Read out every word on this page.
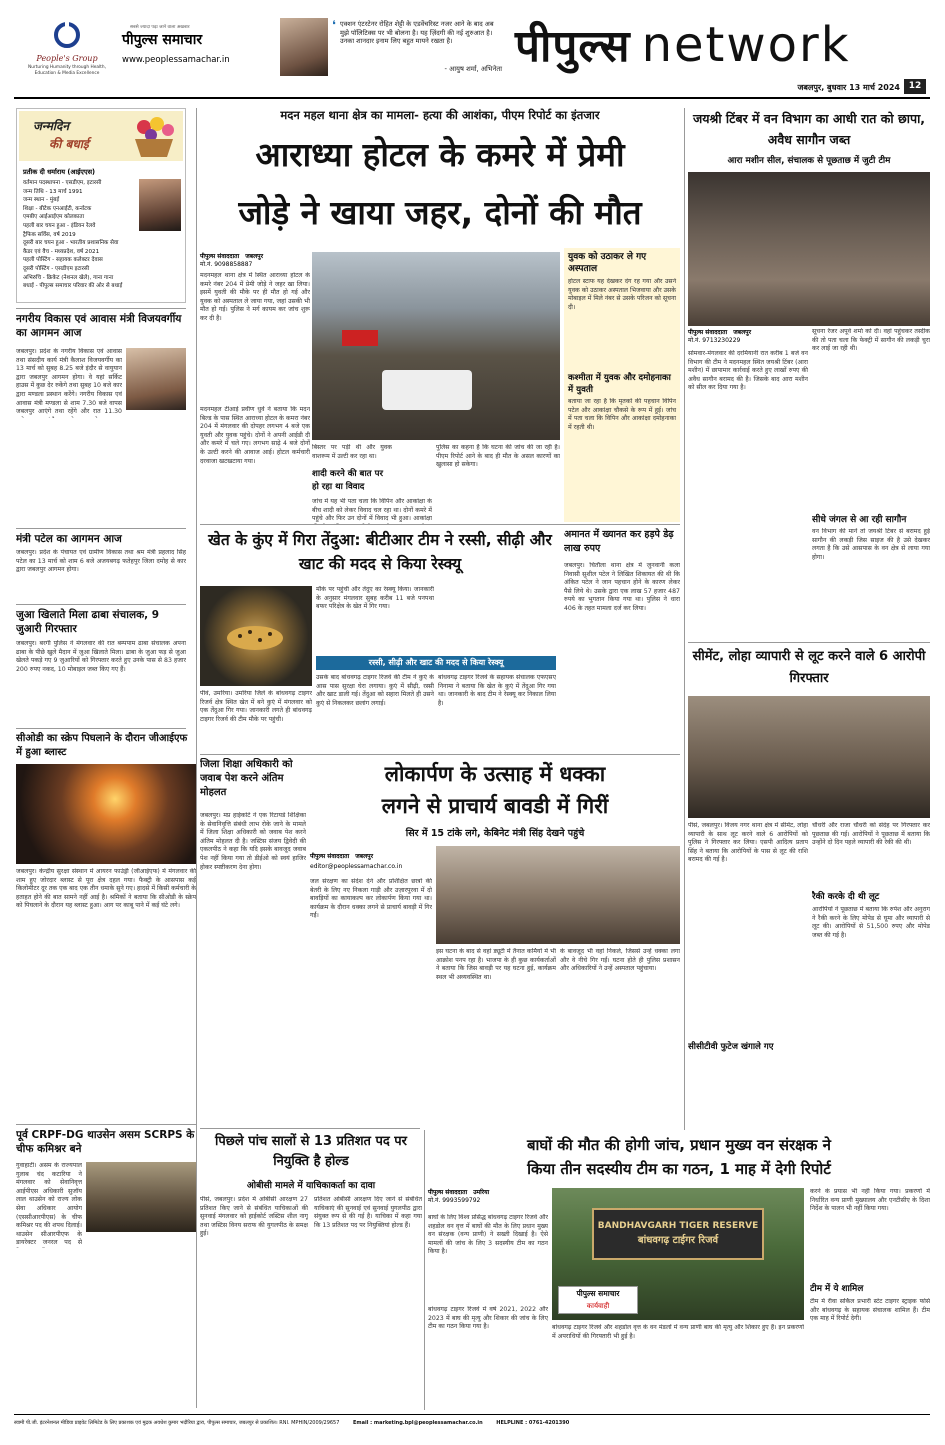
People's Group
Nurturing Humanity through Health, Education & Media Excellence
सबसे ज्यादा पढ़ा जाने वाला अखबार
पीपुल्स समाचार
www.peoplessamachar.in
❛ एक्शन एंटरटेनर रोहित शेट्टी के एडवेंचरिस्ट नजर आने के बाद अब मुझे पॉलिटिक्स पर भी बोलना है। यह ज़िंदगी की नई शुरुआत है। उनका शानदार इनाम लिए बहुत मायने रखता है।
- आयुष शर्मा, अभिनेता पीपुल्स network
जबलपुर, बुधवार 13 मार्च 2024 12
जन्मदिन
की बधाई
प्रतीक दी धर्माराय (आईएएस)
वर्तमान पदस्थापना - एसडीएम, इटारसी
जन्म तिथि - 13 मार्च 1991
जन्म स्थान - मुंबई
शिक्षा - बीटेक एनआईटी, कर्नाटक
एमबीए आईआईएम कोलकाता
पहली बार चयन हुआ - इंडियन रेलवे
ट्रैफिक सर्विस, वर्ष 2019
दूसरी बार चयन हुआ - भारतीय प्रशासनिक सेवा
कैडर एवं वैच - मध्यप्रदेश, वर्ष 2021
पहली पोस्टिंग - सहायक कलेक्टर देवास
दूसरी पोस्टिंग - एसडीएम इटारसी
अभिरुचि - क्रिकेट (नेशनल खेले), गाना गाना
बधाई - पीपुल्स समाचार परिवार की ओर से बधाई
नगरीय विकास एवं आवास मंत्री विजयवर्गीय का आगमन आज
जबलपुर। प्रदेश के नगरीय विकास एवं आवास तथा संसदीय कार्य मंत्री कैलाश विजयवर्गीय का 13 मार्च को सुबह 8.25 बजे इंदौर से वायुयान द्वारा जबलपुर आगमन होगा। वे यहां सर्किट हाउस में कुछ देर रुकेंगे तथा सुबह 10 बजे कार द्वारा मण्डला प्रस्थान करेंगे। नगरीय विकास एवं आवास मंत्री मण्डला से शाम 7.30 बजे वापस जबलपुर आएंगे तथा रहेंगे और रात 11.30
मंत्री पटेल का आगमन आज
जबलपुर। प्रदेश के पंचायत एवं ग्रामीण विकास तथा श्रम मंत्री प्रहलाद सिंह पटेल का 13 मार्च को शाम 6 बजे अजयबगढ़ फतेहपुर जिला दमोह से कार द्वारा जबलपुर आगमन होगा।
जुआ खिलाते मिला ढाबा संचालक, 9 जुआरी गिरफ्तार
जबलपुर। बरगी पुलिस ने मंगलवार की रात बम्पपाम ढाबा संचालक अपना ढाबा के पीछे खुले मैदान में जुआ खिलाते मिला। ढाबा के जुआ फड़ से जुआ खेलते पकड़े गए 9 जुआरियों को गिरफ्तार करते हुए उनके पास से 83 हजार 200 रुपए नकद, 10 मोबाइल जब्त किए गए हैं।
सीओडी का स्क्रेप पिघलाने के दौरान जीआईएफ में हुआ ब्लास्ट
जबलपुर। केन्द्रीय सुरक्षा संस्थान में आयरन फाउंड्री (जीआईएफ) में मंगलवार की शाम हुए जोरदार ब्लास्ट से पूरा क्षेत्र दहल गया। फैक्ट्री के आसपास कई किलोमीटर दूर तक एक बाद एक तीन धमाके सुने गए। हादसे में किसी कर्मचारी के हताहत होने की बात सामने नहीं आई है। श्रमिकों ने बताया कि सीओडी के स्क्रेप को पिघलाने के दौरान यह ब्लास्ट हुआ। आग पर काबू पाने में कई घंटे लगे।
पूर्व CRPF-DG थाउसेन असम SCRPS के चीफ कमिश्नर बने
गुवाहाटी। असम के राज्यपाल गुलाब चंद कटारिया ने मंगलवार को सेवानिवृत्त आईपीएस अधिकारी सुजॉय लाल थाउसेन को राज्य लोक सेवा अधिकार आयोग (एससीआरपीएस) के चीफ कमिश्नर पद की शपथ दिलाई। थाउसेन सीआरपीएफ के डायरेक्टर जनरल पद से
मदन महल थाना क्षेत्र का मामला- हत्या की आशंका, पीएम रिपोर्ट का इंतजार
आराध्या होटल के कमरे में प्रेमी
जोड़े ने खाया जहर, दोनों की मौत
पीपुल्स संवाददाता जबलपुर
मो.नं. 9098858887
मदनमहल थाना क्षेत्र में स्थित आराध्या होटल के कमरे नंबर 204 में प्रेमी जोड़े ने जहर खा लिया। इसमें युवती की मौके पर ही मौत हो गई और युवक को अस्पताल ले जाया गया, जहां उसकी भी मौत हो गई। पुलिस ने मर्ग कायम कर जांच शुरू कर दी है।
मदनमहल टीआई प्रवीण धुर्वे ने बताया कि मदन बिल्ड के पास स्थित आराध्या होटल के कमरा नंबर 204 में मंगलवार की दोपहर लगभग 4 बजे एक युवती और युवक पहुंचे। दोनों ने अपनी आईडी दी और कमरे में चले गए। लगभग साढ़े 4 बजे दोनों के उल्टी करने की आवाज आई। होटल कर्मचारी दरवाजा खटखटाया गया।
बिस्तर पर पड़ी थी और युवक वाशरूम में उल्टी कर रहा था।
शादी करने की बात पर हो रहा था विवाद
जांच में यह भी पता चला कि विपिन और आकांक्षा के बीच शादी को लेकर विवाद चल रहा था। दोनों कमरे में पहुंचे और फिर उन दोनों में विवाद भी हुआ। आकांक्षा
पुलिस का कहना है कि घटना की जांच की जा रही है। पीएम रिपोर्ट आने के बाद ही मौत के असल कारणों का खुलासा हो सकेगा।
युवक को उठाकर ले गए अस्पताल
होटल स्टाफ यह देखकर दंग रह गया और उसने युवक को उठाकर अस्पताल भिजवाया और उसके मोबाइल में मिले नंबर से उसके परिजन को सूचना दी।
कश्मीता में युवक और दमोहनाका में युवती
बताया जा रहा है कि मृतकों की पहचान विपिन पटेल और आकांक्षा चौकसे के रूप में हुई। जांच में पता चला कि विपिन और आकांक्षा दमोहनाका में रहती थी।
खेत के कुंए में गिरा तेंदुआ: बीटीआर टीम ने रस्सी, सीढ़ी और खाट की मदद से किया रेस्क्यू
मौके पर पहुंची और तेंदुए का रेस्क्यू किया। जानकारी के अनुसार मंगलवार सुबह करीब 11 बजे पनपथा बफर परिक्षेत्र के खेत में गिर गया।
पीवं, उमरिया। उमरिया जिले के बांधवगढ़ टाइगर रिजर्व क्षेत्र स्थित खेत में बने कुएं में मंगलवार को एक तेंदुआ गिर गया। जानकारी लगते ही बांधवगढ़ टाइगर रिजर्व की टीम मौके पर पहुंची।
रस्सी, सीढ़ी और खाट की मदद से किया रेस्क्यू
उसके बाद बांधवगढ़ टाइगर रिजर्व की टीम ने कुएं के आस पास सुरक्षा घेरा लगाया। कुएं में सीढ़ी, रस्सी और खाट डाली गई। तेंदुआ को सहारा मिलते ही उसने कुएं से निकलकर छलांग लगाई।
बांधवगढ़ टाइगर रिजर्व के सहायक संचालक एफएसए निनामा ने बताया कि खेत के कुएं में तेंदुआ गिर गया था। जानकारी के बाद टीम ने रेस्क्यू कर निकाल लिया है।
अमानत में ख्यानत कर हड़पे डेढ़ लाख रुपए
जबलपुर। चितौला थाना क्षेत्र में जुनवानी कला निवासी सुशील पटेल ने लिखित शिकायत की थी कि अंकित पटेल ने जान पहचान होने के कारण लेकर पैसे लिये थे। उसके द्वारा एक लाख 57 हजार 487 रुपये का भुगतान किया गया था। पुलिस ने धारा 406 के तहत मामला दर्ज कर लिया।
जिला शिक्षा अधिकारी को जवाब पेश करने अंतिम मोहलत
जबलपुर। मप्र हाईकोर्ट ने एक रिटायर्ड शिक्षिका के सेवानिवृत्ति संबंधी लाभ रोके जाने के मामले में जिला शिक्षा अधिकारी को जवाब पेश करने अंतिम मोहलत दी है। जस्टिस संजय द्विवेदी की एकलपीठ ने कहा कि यदि इसके बावजूद जवाब पेश नहीं किया गया तो डीईओ को स्वयं हाजिर होकर स्पष्टीकरण देना होगा।
लोकार्पण के उत्साह में धक्का
लगने से प्राचार्य बावडी में गिरीं
सिर में 15 टांके लगे, केबिनेट मंत्री सिंह देखने पहुंचे
पीपुल्स संवाददाता जबलपुर
editor@peoplessamachar.co.in
जल संरक्षण का संदेश देने और प्रशिक्षित छात्रों की बेतरी के लिए नए निकला गाड़ी और उज़ारपुरवा में दो बावड़ियों का कायाकल्प कर लोकार्पण किया गया था। कार्यक्रम के दौरान धक्का लगने से प्राचार्य बावड़ी में गिर गईं।
इस घटना के बाद से वहां ड्यूटी में तैनात कर्मियों में भी आक्रोश पनप रहा है। भाजपा के ही कुछ कार्यकर्ताओं ने बताया कि जिस बावड़ी पर यह घटना हुई, कार्यक्रम स्थल भी अव्यवस्थित था।
के बावजूद भी वहां निकले, जिससे उन्हें धक्का लगा और वे नीचे गिर गईं। घटना होते ही पुलिस प्रशासन और अधिकारियों ने उन्हें अस्पताल पहुंचाया।
पिछले पांच सालों से 13 प्रतिशत पद पर नियुक्ति है होल्ड
ओबीसी मामले में याचिकाकर्ता का दावा
पीसं, जबलपुर। प्रदेश में ओबीसी आरक्षण 27 प्रतिशत किए जाने से संबंधित याचिकाओं की सुनवाई मंगलवार को हाईकोर्ट जस्टिस शील नागू तथा जस्टिस विनय सराफ की युगलपीठ के समक्ष हुई।
प्रतिशत ओबीसी आरक्षण दिए जाने से संबंधित याचिकाएं की सुनवाई एवं सुनवाई युगलपीठ द्वारा संयुक्त रूप से की गई है। याचिका में कहा गया कि 13 प्रतिशत पद पर नियुक्तियां होल्ड हैं।
जयश्री टिंबर में वन विभाग का आधी रात को छापा, अवैध सागौन जब्त
आरा मशीन सील, संचालक से पूछताछ में जुटी टीम
पीपुल्स संवाददाता जबलपुर
मो.नं. 9713230229
सोमवार-मंगलवार की दरमियानी रात करीब 1 बजे वन विभाग की टीम ने मदनमहल स्थित जयश्री टिंबर (आरा मशीन) में छापामार कार्रवाई करते हुए लाखों रुपए की अवैध सागौन बरामद की है। जिसके बाद आरा मशीन को सील कर दिया गया है।
सूचना रेंजर अपूर्व शर्मा को दी। वहां पहुंचकर तस्दीक की तो पता चला कि फेक्ट्री में सागौन की लकड़ी चुरा कर लाई जा रही थी।
सीधे जंगल से आ रही सागौन
वन विभाग की मानें तो जयश्री टिंबर से बरामद हुई सागौन की लकड़ी जिस साइज की है उसे देखकर लगता है कि उसे आसपास के वन क्षेत्र से लाया गया होगा।
सीमेंट, लोहा व्यापारी से लूट करने वाले 6 आरोपी गिरफ्तार
पीसं, जबलपुर। विजय नगर थाना क्षेत्र में सीमेंट, लोहा व्यापारी के साथ लूट करने वाले 6 आरोपियों को पुलिस ने गिरफ्तार कर लिया। एसपी आदित्य प्रताप सिंह ने बताया कि आरोपियों के पास से लूट की राशि बरामद की गई है।
सीसीटीवी फुटेज खंगाले गए
चौधरी और राजा चौधरी को संदेह पर गिरफ्तार कर पूछताछ की गई। आरोपियों ने पूछताछ में बताया कि उन्होंने दो दिन पहले व्यापारी की रेकी की थी।
रैकी करके दी थी लूट
आरोपियों ने पूछताछ में बताया कि रुपेश और अनुराग ने रैकी करने के लिए मोपेड से घूमा और व्यापारी से लूट की। आरोपियों से 51,500 रुपए और मोपेड जब्त की गई है।
बाघों की मौत की होगी जांच, प्रधान मुख्य वन संरक्षक ने
किया तीन सदस्यीय टीम का गठन, 1 माह में देगी रिपोर्ट
पीपुल्स संवाददाता उमरिया
मो.नं. 9993599792
बाघों के लिए विश्व प्रसिद्ध बांधवगढ़ टाइगर रिजर्व और शहडोल वन वृत्त में बाघों की मौत के लिए प्रधान मुख्य वन संरक्षक (वन्य प्राणी) ने सख्ती दिखाई है। ऐसे मामलों की जांच के लिए 3 सदस्यीय टीम का गठन किया है।
बांधवगढ़ टाइगर रिजर्व में वर्ष 2021, 2022 और 2023 में बाघ की मृत्यु और शिकार की जांच के लिए टीम का गठन किया गया है।
BANDHAVGARH TIGER RESERVE
बांधवगढ़ टाईगर रिजर्व
पीपुल्स समाचार
कार्यवाही
बांधवगढ़ टाइगर रिजर्व और शहडोल वृत्त के वन मंडलों में वन्य प्राणी बाघ की मृत्यु और शिकार हुए हैं। इन प्रकरणों में अपराधियों की गिरफ्तारी भी हुई है।
करने के प्रयास भी नहीं किया गया। प्रकरणों में निर्धारित वन्य प्राणी मुख्यालय और एनटीसीए के दिशा निर्देश के पालन भी नहीं किया गया।
टीम में ये शामिल
टीम में रीवा सर्किल प्रभारी स्टेट टाइगर स्ट्राइक फोर्स और बांधवगढ़ के सहायक संचालक शामिल हैं। टीम एक माह में रिपोर्ट देगी।
स्वामी पी.जी. इंटरनेशनल मीडिया प्राइवेट लिमिटेड के लिए प्रकाशक एवं मुद्रक अवधेश कुमार भदौरिया द्वारा, पीपुल्स समाचार, जबलपुर से प्रकाशित। RNI. MPHIN/2009/29657	Email : marketing.bpl@peoplessamachar.co.in	HELPLINE : 0761-4201390
